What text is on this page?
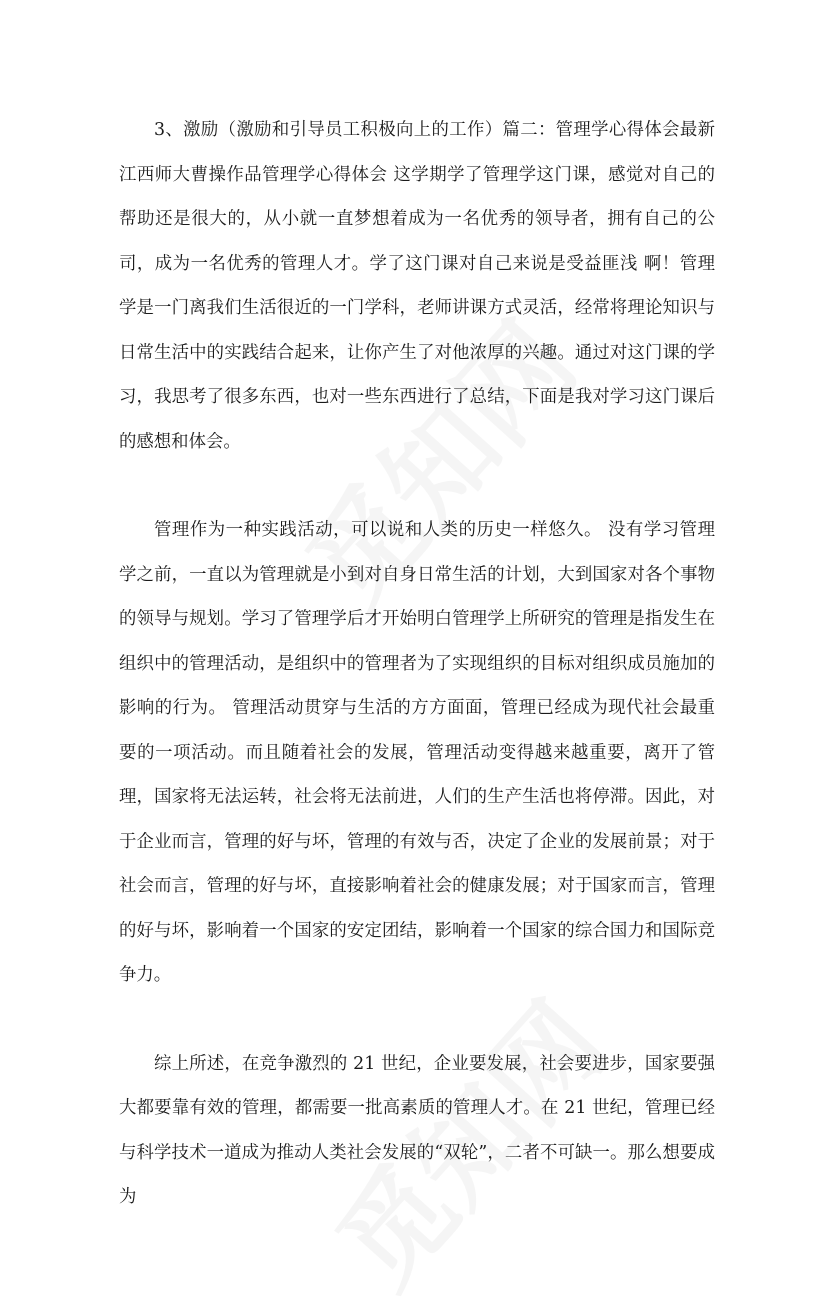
3、激励（激励和引导员工积极向上的工作）篇二：管理学心得体会最新江西师大曹操作品管理学心得体会 这学期学了管理学这门课，感觉对自己的帮助还是很大的，从小就一直梦想着成为一名优秀的领导者，拥有自己的公司，成为一名优秀的管理人才。学了这门课对自己来说是受益匪浅 啊！管理学是一门离我们生活很近的一门学科，老师讲课方式灵活，经常将理论知识与日常生活中的实践结合起来，让你产生了对他浓厚的兴趣。通过对这门课的学习，我思考了很多东西，也对一些东西进行了总结，下面是我对学习这门课后的感想和体会。

管理作为一种实践活动，可以说和人类的历史一样悠久。 没有学习管理学之前，一直以为管理就是小到对自身日常生活的计划，大到国家对各个事物的领导与规划。学习了管理学后才开始明白管理学上所研究的管理是指发生在组织中的管理活动，是组织中的管理者为了实现组织的目标对组织成员施加的影响的行为。 管理活动贯穿与生活的方方面面，管理已经成为现代社会最重要的一项活动。而且随着社会的发展，管理活动变得越来越重要，离开了管理，国家将无法运转，社会将无法前进，人们的生产生活也将停滞。因此，对于企业而言，管理的好与坏，管理的有效与否，决定了企业的发展前景；对于社会而言，管理的好与坏，直接影响着社会的健康发展；对于国家而言，管理的好与坏，影响着一个国家的安定团结，影响着一个国家的综合国力和国际竞争力。

综上所述，在竞争激烈的 21 世纪，企业要发展，社会要进步，国家要强大都要靠有效的管理，都需要一批高素质的管理人才。在 21 世纪，管理已经与科学技术一道成为推动人类社会发展的“双轮”，二者不可缺一。那么想要成为
